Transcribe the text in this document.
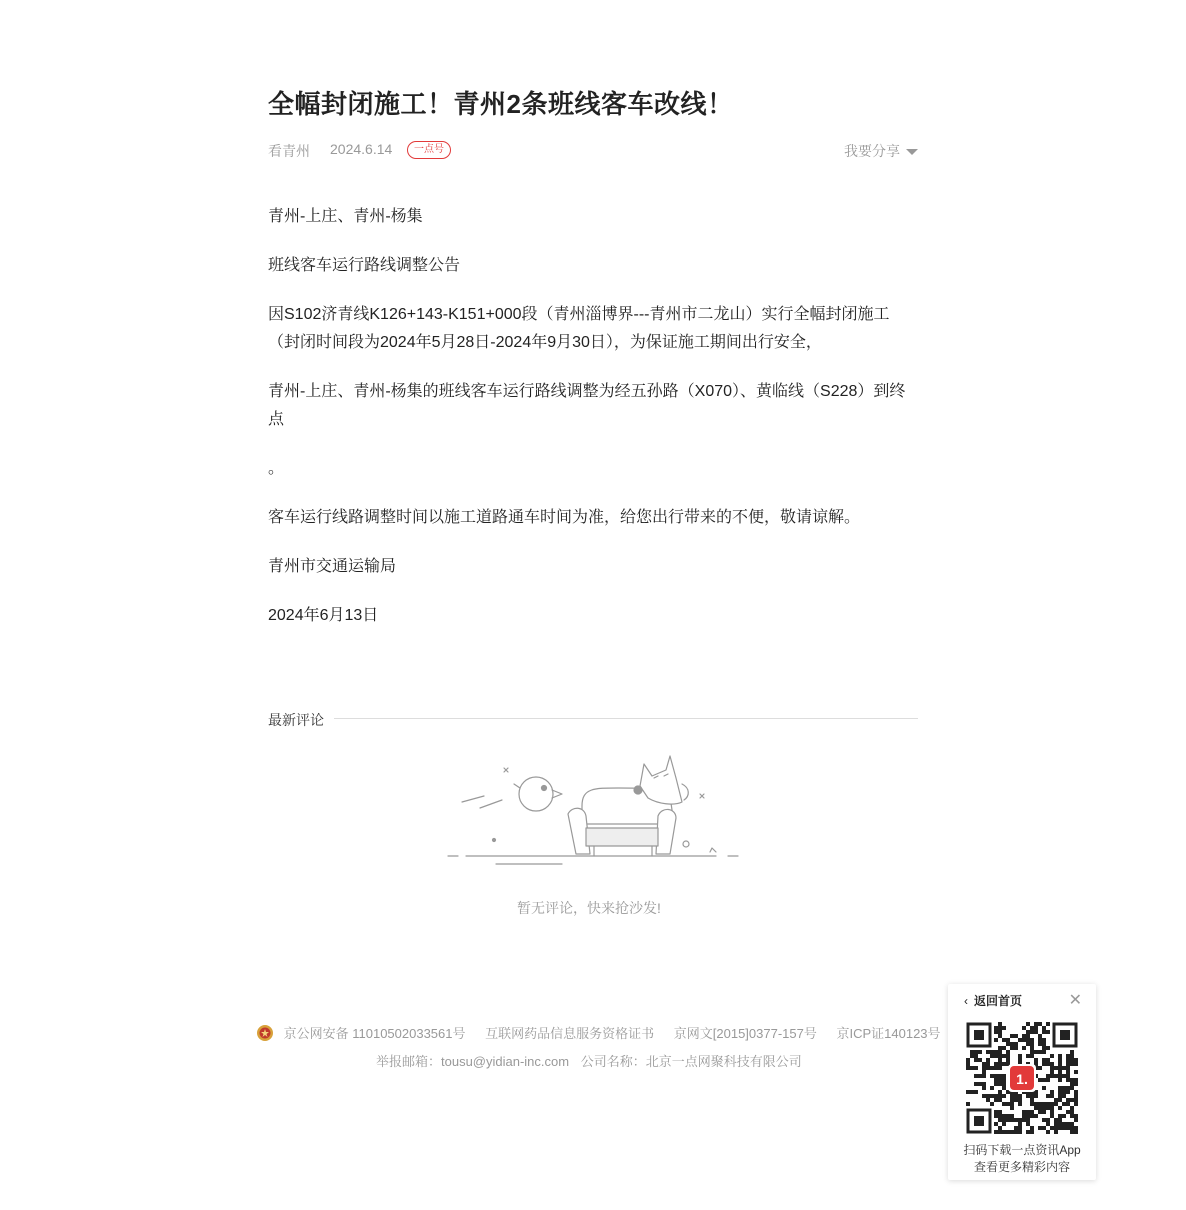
全幅封闭施工！青州2条班线客车改线！
看青州 2024.6.14	一点号	我要分享

青州-上庄、青州-杨集

班线客车运行路线调整公告

因S102济青线K126+143-K151+000段（青州淄博界---青州市二龙山）实行全幅封闭施工（封闭时间段为2024年5月28日-2024年9月30日），为保证施工期间出行安全，

青州-上庄、青州-杨集的班线客车运行路线调整为经五孙路（X070）、黄临线（S228）到终点

。

客车运行线路调整时间以施工道路通车时间为准，给您出行带来的不便，敬请谅解。

青州市交通运输局

2024年6月13日

最新评论
暂无评论，快来抢沙发!
京公网安备 11010502033561号 互联网药品信息服务资格证书 京网文[2015]0377-157号 京ICP证140123号
举报邮箱：tousu@yidian-inc.com 公司名称：北京一点网聚科技有限公司
‹ 返回首页	✕
1.
扫码下载一点资讯App
查看更多精彩内容
